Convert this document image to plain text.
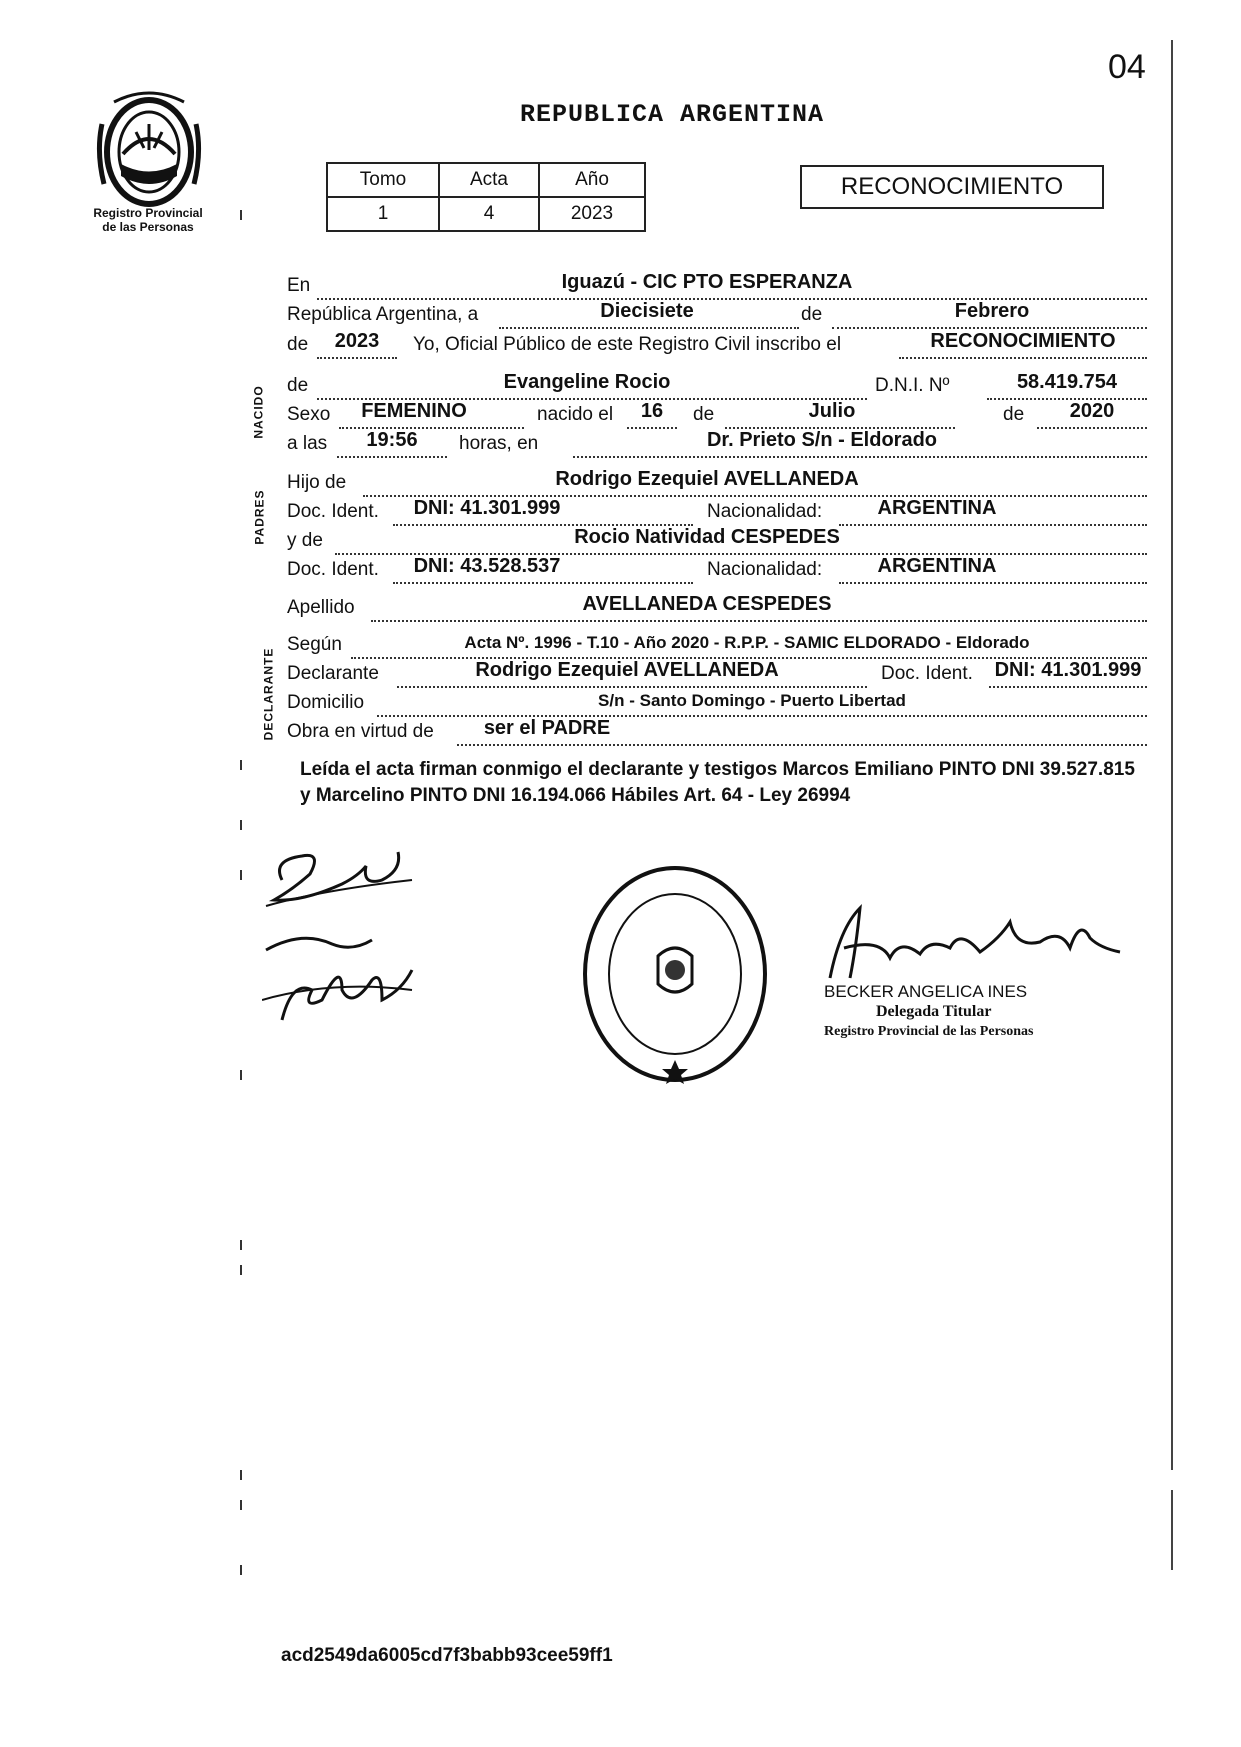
04
Registro Provincial
de las Personas
REPUBLICA ARGENTINA
Tomo	Acta	Año
1	4	2023
RECONOCIMIENTO
NACIDO
PADRES
DECLARANTE
En	Iguazú - CIC PTO ESPERANZA
República Argentina, a	Diecisiete	de	Febrero
de	2023	Yo, Oficial Público de este Registro Civil inscribo el	RECONOCIMIENTO
de	Evangeline Rocio	D.N.I. Nº	58.419.754
Sexo	FEMENINO	nacido el	16	de	Julio	de	2020
a las	19:56	horas, en	Dr. Prieto S/n - Eldorado
Hijo de	Rodrigo Ezequiel AVELLANEDA
Doc. Ident.	DNI: 41.301.999	Nacionalidad:	ARGENTINA
y de	Rocio Natividad CESPEDES
Doc. Ident.	DNI: 43.528.537	Nacionalidad:	ARGENTINA
Apellido	AVELLANEDA CESPEDES
Según	Acta Nº. 1996 - T.10 - Año 2020 - R.P.P. - SAMIC ELDORADO - Eldorado
Declarante	Rodrigo Ezequiel AVELLANEDA	Doc. Ident. DNI: 41.301.999
Domicilio	S/n - Santo Domingo - Puerto Libertad
Obra en virtud de	ser el PADRE
Leída el acta firman conmigo el declarante y testigos Marcos Emiliano PINTO DNI 39.527.815 y Marcelino PINTO DNI 16.194.066 Hábiles Art. 64 - Ley 26994
BECKER ANGELICA INES
Delegada Titular
Registro Provincial de las Personas
acd2549da6005cd7f3babb93cee59ff1
